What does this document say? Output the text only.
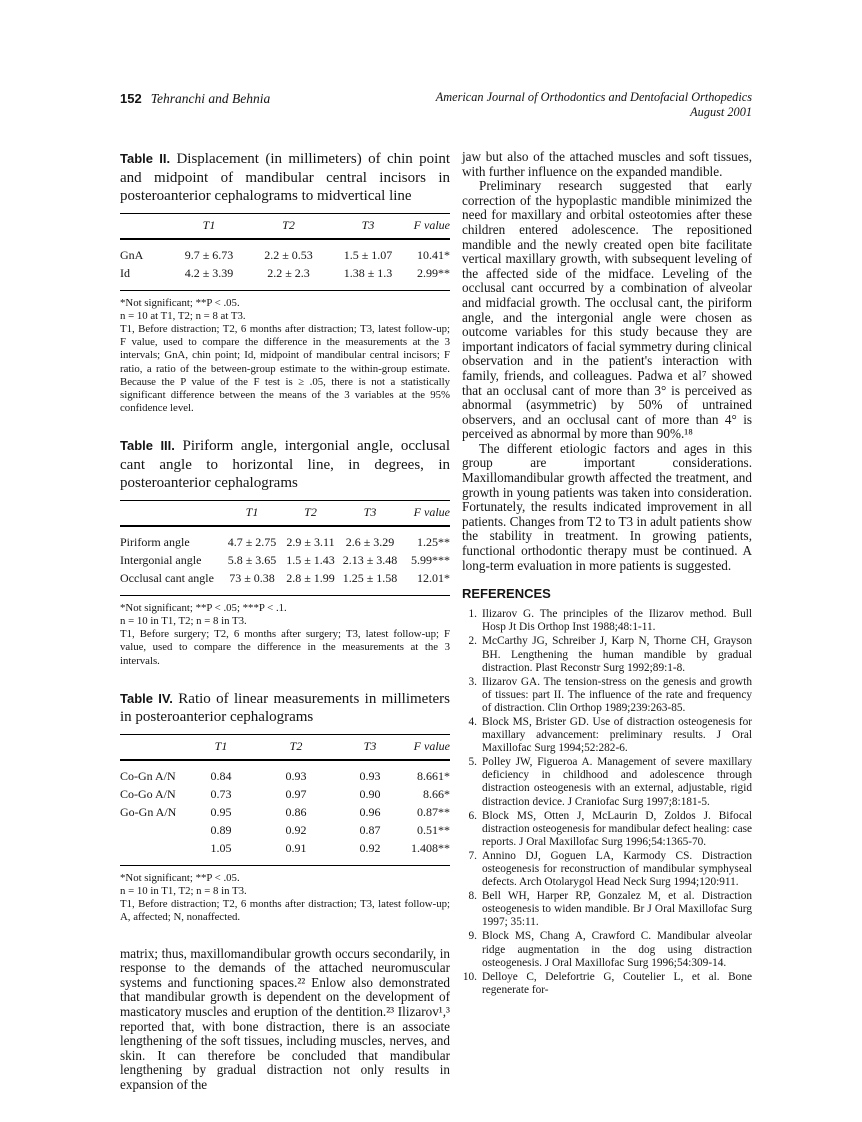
152 Tehranchi and Behnia	American Journal of Orthodontics and Dentofacial Orthopedics
August 2001

Table II. Displacement (in millimeters) of chin point and midpoint of mandibular central incisors in posteroanterior cephalograms to midvertical line

	T1	T2	T3	F value
GnA	9.7 ± 6.73	2.2 ± 0.53	1.5 ± 1.07	10.41*
Id	4.2 ± 3.39	2.2 ± 2.3	1.38 ± 1.3	2.99**
*Not significant; **P < .05.
n = 10 at T1, T2; n = 8 at T3.
T1, Before distraction; T2, 6 months after distraction; T3, latest follow-up; F value, used to compare the difference in the measurements at the 3 intervals; GnA, chin point; Id, midpoint of mandibular central incisors; F ratio, a ratio of the between-group estimate to the within-group estimate. Because the P value of the F test is ≥ .05, there is not a statistically significant difference between the means of the 3 variables at the 95% confidence level.

Table III. Piriform angle, intergonial angle, occlusal cant angle to horizontal line, in degrees, in posteroanterior cephalograms

	T1	T2	T3	F value
Piriform angle	4.7 ± 2.75	2.9 ± 3.11	2.6 ± 3.29	1.25**
Intergonial angle	5.8 ± 3.65	1.5 ± 1.43	2.13 ± 3.48	5.99***
Occlusal cant angle	73 ± 0.38	2.8 ± 1.99	1.25 ± 1.58	12.01*
*Not significant; **P < .05; ***P < .1.
n = 10 in T1, T2; n = 8 in T3.
T1, Before surgery; T2, 6 months after surgery; T3, latest follow-up; F value, used to compare the difference in the measurements at the 3 intervals.

Table IV. Ratio of linear measurements in millimeters in posteroanterior cephalograms

	T1	T2	T3	F value
Co-Gn A/N	0.84	0.93	0.93	8.661*
Co-Go A/N	0.73	0.97	0.90	8.66*
Go-Gn A/N	0.95	0.86	0.96	0.87**
	0.89	0.92	0.87	0.51**
	1.05	0.91	0.92	1.408**
*Not significant; **P < .05.
n = 10 in T1, T2; n = 8 in T3.
T1, Before distraction; T2, 6 months after distraction; T3, latest follow-up; A, affected; N, nonaffected.

matrix; thus, maxillomandibular growth occurs secondarily, in response to the demands of the attached neuromuscular systems and functioning spaces.²² Enlow also demonstrated that mandibular growth is dependent on the development of masticatory muscles and eruption of the dentition.²³ Ilizarov¹,³ reported that, with bone distraction, there is an associate lengthening of the soft tissues, including muscles, nerves, and skin. It can therefore be concluded that mandibular lengthening by gradual distraction not only results in expansion of the

jaw but also of the attached muscles and soft tissues, with further influence on the expanded mandible.

Preliminary research suggested that early correction of the hypoplastic mandible minimized the need for maxillary and orbital osteotomies after these children entered adolescence. The repositioned mandible and the newly created open bite facilitate vertical maxillary growth, with subsequent leveling of the affected side of the midface. Leveling of the occlusal cant occurred by a combination of alveolar and midfacial growth. The occlusal cant, the piriform angle, and the intergonial angle were chosen as outcome variables for this study because they are important indicators of facial symmetry during clinical observation and in the patient's interaction with family, friends, and colleagues. Padwa et al⁷ showed that an occlusal cant of more than 3° is perceived as abnormal (asymmetric) by 50% of untrained observers, and an occlusal cant of more than 4° is perceived as abnormal by more than 90%.¹⁸

The different etiologic factors and ages in this group are important considerations. Maxillomandibular growth affected the treatment, and growth in young patients was taken into consideration. Fortunately, the results indicated improvement in all patients. Changes from T2 to T3 in adult patients show the stability in treatment. In growing patients, functional orthodontic therapy must be continued. A long-term evaluation in more patients is suggested.

REFERENCES
1. Ilizarov G. The principles of the Ilizarov method. Bull Hosp Jt Dis Orthop Inst 1988;48:1-11.
2. McCarthy JG, Schreiber J, Karp N, Thorne CH, Grayson BH. Lengthening the human mandible by gradual distraction. Plast Reconstr Surg 1992;89:1-8.
3. Ilizarov GA. The tension-stress on the genesis and growth of tissues: part II. The influence of the rate and frequency of distraction. Clin Orthop 1989;239:263-85.
4. Block MS, Brister GD. Use of distraction osteogenesis for maxillary advancement: preliminary results. J Oral Maxillofac Surg 1994;52:282-6.
5. Polley JW, Figueroa A. Management of severe maxillary deficiency in childhood and adolescence through distraction osteogenesis with an external, adjustable, rigid distraction device. J Craniofac Surg 1997;8:181-5.
6. Block MS, Otten J, McLaurin D, Zoldos J. Bifocal distraction osteogenesis for mandibular defect healing: case reports. J Oral Maxillofac Surg 1996;54:1365-70.
7. Annino DJ, Goguen LA, Karmody CS. Distraction osteogenesis for reconstruction of mandibular symphyseal defects. Arch Otolarygol Head Neck Surg 1994;120:911.
8. Bell WH, Harper RP, Gonzalez M, et al. Distraction osteogenesis to widen mandible. Br J Oral Maxillofac Surg 1997; 35:11.
9. Block MS, Chang A, Crawford C. Mandibular alveolar ridge augmentation in the dog using distraction osteogenesis. J Oral Maxillofac Surg 1996;54:309-14.
10. Delloye C, Delefortrie G, Coutelier L, et al. Bone regenerate for-
